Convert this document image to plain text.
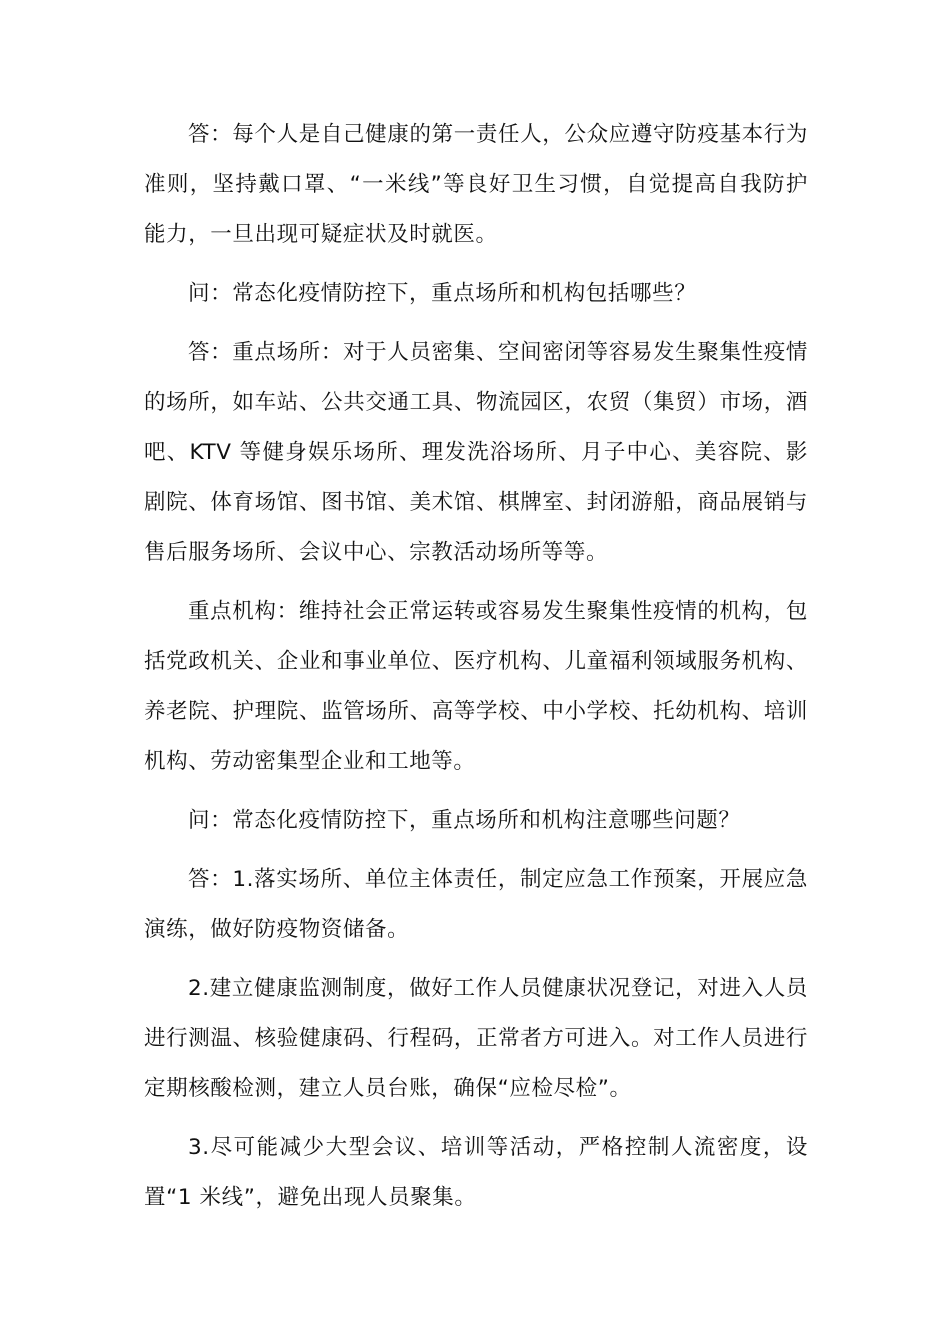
答：每个人是自己健康的第一责任人，公众应遵守防疫基本行为准则，坚持戴口罩、“一米线”等良好卫生习惯，自觉提高自我防护能力，一旦出现可疑症状及时就医。

问：常态化疫情防控下，重点场所和机构包括哪些？

答：重点场所：对于人员密集、空间密闭等容易发生聚集性疫情的场所，如车站、公共交通工具、物流园区，农贸（集贸）市场，酒吧、KTV 等健身娱乐场所、理发洗浴场所、月子中心、美容院、影剧院、体育场馆、图书馆、美术馆、棋牌室、封闭游船，商品展销与售后服务场所、会议中心、宗教活动场所等等。

重点机构：维持社会正常运转或容易发生聚集性疫情的机构，包括党政机关、企业和事业单位、医疗机构、儿童福利领域服务机构、养老院、护理院、监管场所、高等学校、中小学校、托幼机构、培训机构、劳动密集型企业和工地等。

问：常态化疫情防控下，重点场所和机构注意哪些问题？

答：1.落实场所、单位主体责任，制定应急工作预案，开展应急演练，做好防疫物资储备。

2.建立健康监测制度，做好工作人员健康状况登记，对进入人员进行测温、核验健康码、行程码，正常者方可进入。对工作人员进行定期核酸检测，建立人员台账，确保“应检尽检”。

3.尽可能减少大型会议、培训等活动，严格控制人流密度，设置“1 米线”，避免出现人员聚集。
